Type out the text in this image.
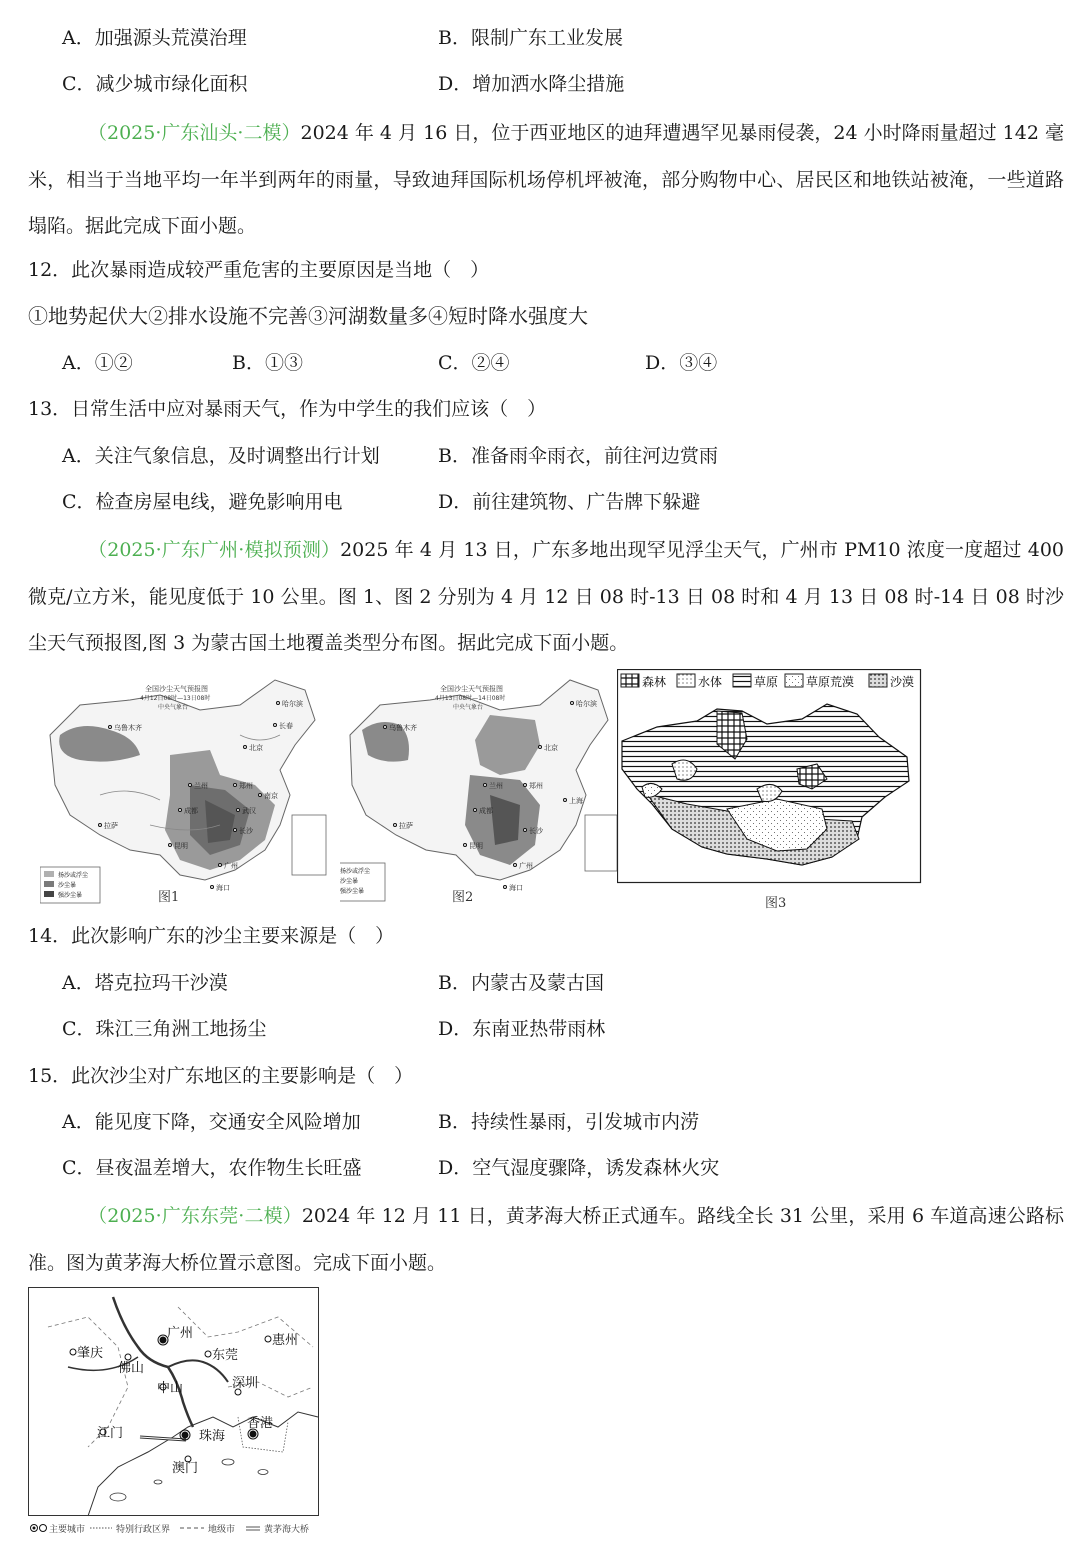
A．加强源头荒漠治理	B．限制广东工业发展
C．减少城市绿化面积	D．增加洒水降尘措施
（2025·广东汕头·二模）2024 年 4 月 16 日，位于西亚地区的迪拜遭遇罕见暴雨侵袭，24 小时降雨量超过 142 毫米，相当于当地平均一年半到两年的雨量，导致迪拜国际机场停机坪被淹，部分购物中心、居民区和地铁站被淹，一些道路塌陷。据此完成下面小题。
12．此次暴雨造成较严重危害的主要原因是当地（　）
①地势起伏大②排水设施不完善③河湖数量多④短时降水强度大
A．①②	B．①③	C．②④	D．③④
13．日常生活中应对暴雨天气，作为中学生的我们应该（　）
A．关注气象信息，及时调整出行计划	B．准备雨伞雨衣，前往河边赏雨
C．检查房屋电线，避免影响用电	D．前往建筑物、广告牌下躲避
（2025·广东广州·模拟预测）2025 年 4 月 13 日，广东多地出现罕见浮尘天气，广州市 PM10 浓度一度超过 400 微克/立方米，能见度低于 10 公里。图 1、图 2 分别为 4 月 12 日 08 时-13 日 08 时和 4 月 13 日 08 时-14 日 08 时沙尘天气预报图,图 3 为蒙古国土地覆盖类型分布图。据此完成下面小题。
全国沙尘天气预报图
4月12日08时—13日08时
中央气象台
乌鲁木齐
哈尔滨
长春
北京
兰州	郑州
成都
南京
武汉
长沙
拉萨
昆明
广州
海口
扬沙或浮尘
沙尘暴
强沙尘暴	图1
全国沙尘天气预报图
4月13日08时—14日08时
中央气象台
乌鲁木齐
哈尔滨
北京
兰州	郑州
成都
上海
长沙
拉萨
昆明
广州
海口
扬沙或浮尘
沙尘暴
强沙尘暴	图2
森林	水体	草原 草原荒漠	沙漠
图3
14．此次影响广东的沙尘主要来源是（　）
A．塔克拉玛干沙漠	B．内蒙古及蒙古国
C．珠江三角洲工地扬尘	D．东南亚热带雨林
15．此次沙尘对广东地区的主要影响是（　）
A．能见度下降，交通安全风险增加	B．持续性暴雨，引发城市内涝
C．昼夜温差增大，农作物生长旺盛	D．空气湿度骤降，诱发森林火灾
（2025·广东东莞·二模）2024 年 12 月 11 日，黄茅海大桥正式通车。路线全长 31 公里，采用 6 车道高速公路标准。图为黄茅海大桥位置示意图。完成下面小题。
广州
肇庆
佛山
东莞
惠州
中山	深圳
江门	珠海
香港
澳门
主要城市	特别行政区界	地级市	黄茅海大桥
